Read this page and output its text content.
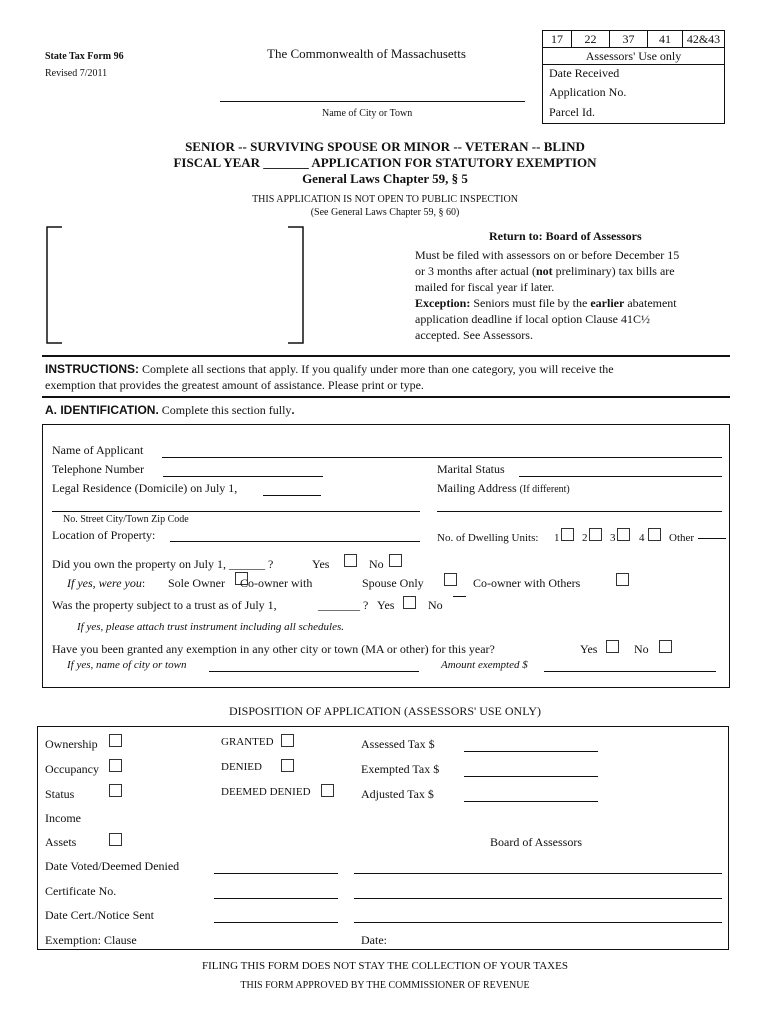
State Tax Form 96
Revised 7/2011
The Commonwealth of Massachusetts
Name of City or Town
17	22	37	41	42&43
Assessors' Use only
Date Received
Application No.
Parcel Id.
SENIOR -- SURVIVING SPOUSE OR MINOR -- VETERAN -- BLIND
FISCAL YEAR _______ APPLICATION FOR STATUTORY EXEMPTION
General Laws Chapter 59, § 5
THIS APPLICATION IS NOT OPEN TO PUBLIC INSPECTION
(See General Laws Chapter 59, § 60)
Return to: Board of Assessors
Must be filed with assessors on or before December 15
or 3 months after actual (not preliminary) tax bills are
mailed for fiscal year if later.
Exception: Seniors must file by the earlier abatement
application deadline if local option Clause 41C½
accepted. See Assessors.
INSTRUCTIONS: Complete all sections that apply. If you qualify under more than one category, you will receive the
exemption that provides the greatest amount of assistance. Please print or type.
A. IDENTIFICATION. Complete this section fully.
Name of Applicant
Telephone Number	Marital Status
Legal Residence (Domicile) on July 1,	Mailing Address (If different)
No. Street City/Town Zip Code
Location of Property:	No. of Dwelling Units: 1 2 3 4 Other
Did you own the property on July 1, ______ ?	Yes	No
If yes, were you: Sole Owner Co-owner with	Spouse Only	Co-owner with Others
Was the property subject to a trust as of July 1,	_______ ? Yes	No
If yes, please attach trust instrument including all schedules.
Have you been granted any exemption in any other city or town (MA or other) for this year?	Yes	No
If yes, name of city or town	Amount exempted $
DISPOSITION OF APPLICATION (ASSESSORS' USE ONLY)
Ownership	GRANTED	Assessed Tax $
Occupancy	DENIED	Exempted Tax $
Status	DEEMED DENIED	Adjusted Tax $
Income
Assets	Board of Assessors
Date Voted/Deemed Denied
Certificate No.
Date Cert./Notice Sent
Exemption: Clause	Date:
FILING THIS FORM DOES NOT STAY THE COLLECTION OF YOUR TAXES
THIS FORM APPROVED BY THE COMMISSIONER OF REVENUE
